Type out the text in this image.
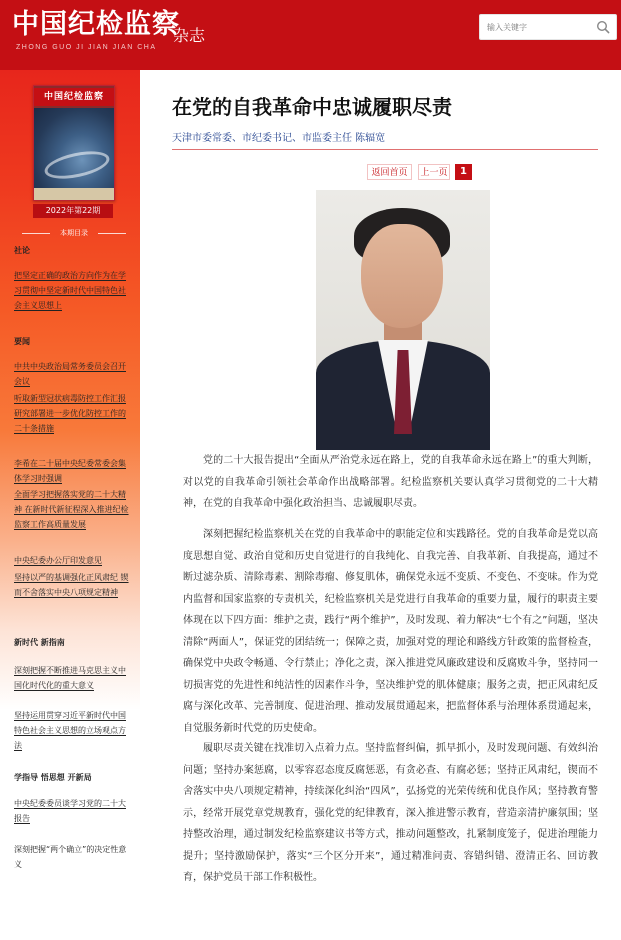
中国纪检监察
ZHONG GUO JI JIAN JIAN CHA
杂志
输入关键字
ZHONG GUO JI JIAN JIAN CHA
中国纪检监察
2022年第22期
本期目录
社论
把坚定正确的政治方向作为在学习贯彻中坚定新时代中国特色社会主义思想上
要闻
中共中央政治局常务委员会召开会议
听取新型冠状病毒防控工作汇报 研究部署进一步优化防控工作的二十条措施
李希在二十届中央纪委常委会集体学习时强调
全面学习把握落实党的二十大精神 在新时代新征程深入推进纪检监察工作高质量发展
中央纪委办公厅印发意见
坚持以严的基调强化正风肃纪 锲而不舍落实中央八项规定精神
新时代 新指南
深刻把握不断推进马克思主义中国化时代化的重大意义
坚持运用贯穿习近平新时代中国特色社会主义思想的立场观点方法
学指导 悟思想 开新局
中央纪委委员谈学习党的二十大报告
深刻把握“两个确立”的决定性意义
在党的自我革命中忠诚履职尽责
天津市委常委、市纪委书记、市监委主任 陈辐宽
返回首页	上一页	1
党的二十大报告提出“全面从严治党永远在路上，党的自我革命永远在路上”的重大判断，对以党的自我革命引领社会革命作出战略部署。纪检监察机关要认真学习贯彻党的二十大精神，在党的自我革命中强化政治担当、忠诚履职尽责。
深刻把握纪检监察机关在党的自我革命中的职能定位和实践路径。党的自我革命是党以高度思想自觉、政治自觉和历史自觉进行的自我纯化、自我完善、自我革新、自我提高，通过不断过滤杂质、清除毒素、割除毒瘤、修复肌体，确保党永远不变质、不变色、不变味。作为党内监督和国家监察的专责机关，纪检监察机关是党进行自我革命的重要力量，履行的职责主要体现在以下四方面：维护之责，践行“两个维护”，及时发现、着力解决“七个有之”问题，坚决清除“两面人”，保证党的团结统一；保障之责，加强对党的理论和路线方针政策的监督检查，确保党中央政令畅通、令行禁止；净化之责，深入推进党风廉政建设和反腐败斗争，坚持同一切损害党的先进性和纯洁性的因素作斗争，坚决维护党的肌体健康；服务之责，把正风肃纪反腐与深化改革、完善制度、促进治理、推动发展贯通起来，把监督体系与治理体系贯通起来，自觉服务新时代党的历史使命。
履职尽责关键在找准切入点着力点。坚持监督纠偏，抓早抓小，及时发现问题、有效纠治问题；坚持办案惩腐，以零容忍态度反腐惩恶，有贪必查、有腐必惩；坚持正风肃纪，锲而不舍落实中央八项规定精神，持续深化纠治“四风”，弘扬党的光荣传统和优良作风；坚持教育警示，经常开展党章党规教育，强化党的纪律教育，深入推进警示教育，营造亲清护廉氛围；坚持整改治理，通过制发纪检监察建议书等方式，推动问题整改，扎紧制度笼子，促进治理能力提升；坚持激励保护，落实“三个区分开来”，通过精准问责、容错纠错、澄清正名、回访教育，保护党员干部工作积极性。
